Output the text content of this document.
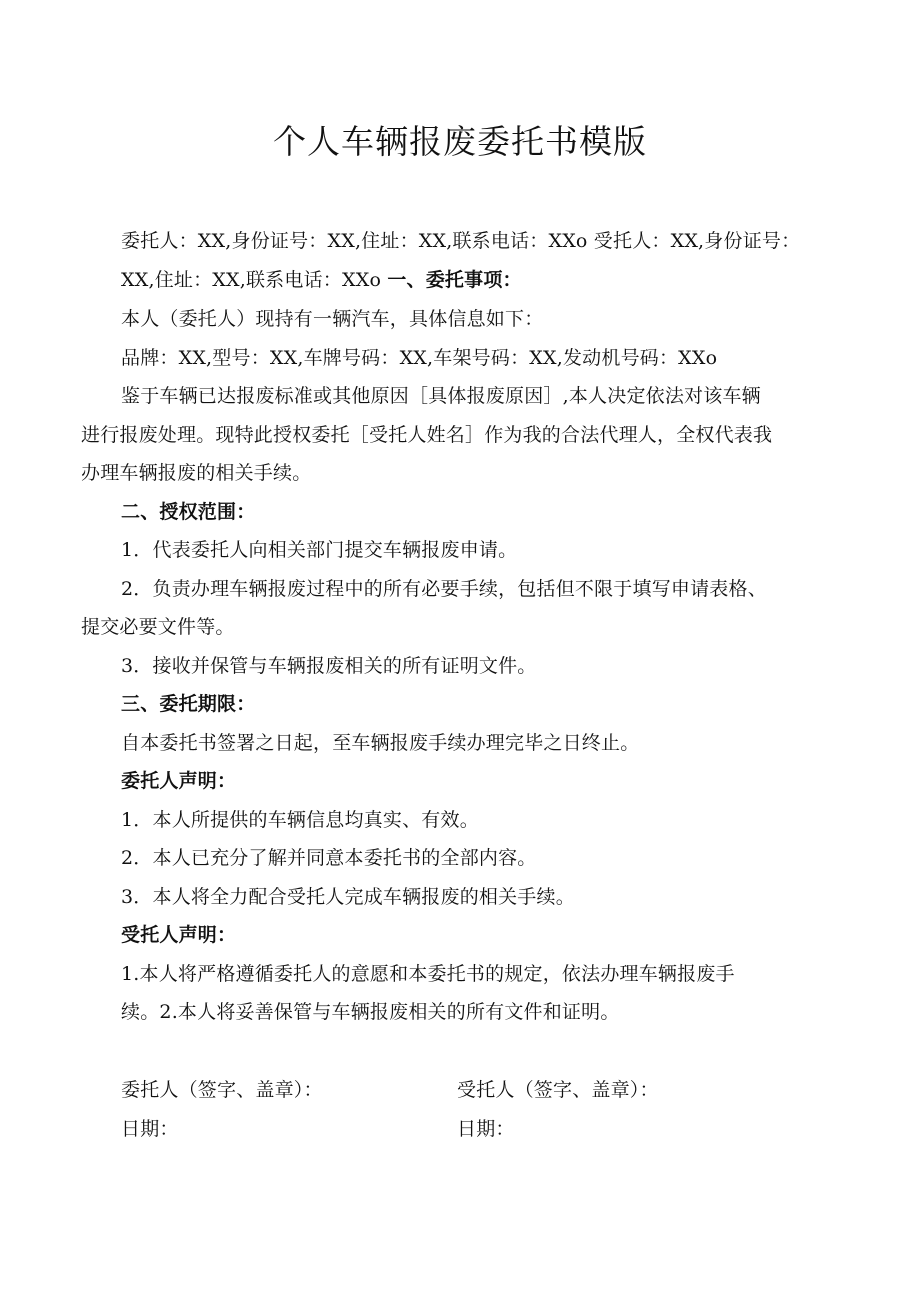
个人车辆报废委托书模版
委托人：XX,身份证号：XX,住址：XX,联系电话：XXo 受托人：XX,身份证号：
XX,住址：XX,联系电话：XXo 一、委托事项：
本人（委托人）现持有一辆汽车，具体信息如下：
品牌：XX,型号：XX,车牌号码：XX,车架号码：XX,发动机号码：XXo
鉴于车辆已达报废标准或其他原因［具体报废原因］,本人决定依法对该车辆
进行报废处理。现特此授权委托［受托人姓名］作为我的合法代理人，全权代表我
办理车辆报废的相关手续。
二、授权范围：
1．代表委托人向相关部门提交车辆报废申请。
2．负责办理车辆报废过程中的所有必要手续，包括但不限于填写申请表格、
提交必要文件等。
3．接收并保管与车辆报废相关的所有证明文件。
三、委托期限：
自本委托书签署之日起，至车辆报废手续办理完毕之日终止。
委托人声明：
1．本人所提供的车辆信息均真实、有效。
2．本人已充分了解并同意本委托书的全部内容。
3．本人将全力配合受托人完成车辆报废的相关手续。
受托人声明：
1.本人将严格遵循委托人的意愿和本委托书的规定，依法办理车辆报废手
续。2.本人将妥善保管与车辆报废相关的所有文件和证明。
委托人（签字、盖章）：	受托人（签字、盖章）：
日期：	日期：
